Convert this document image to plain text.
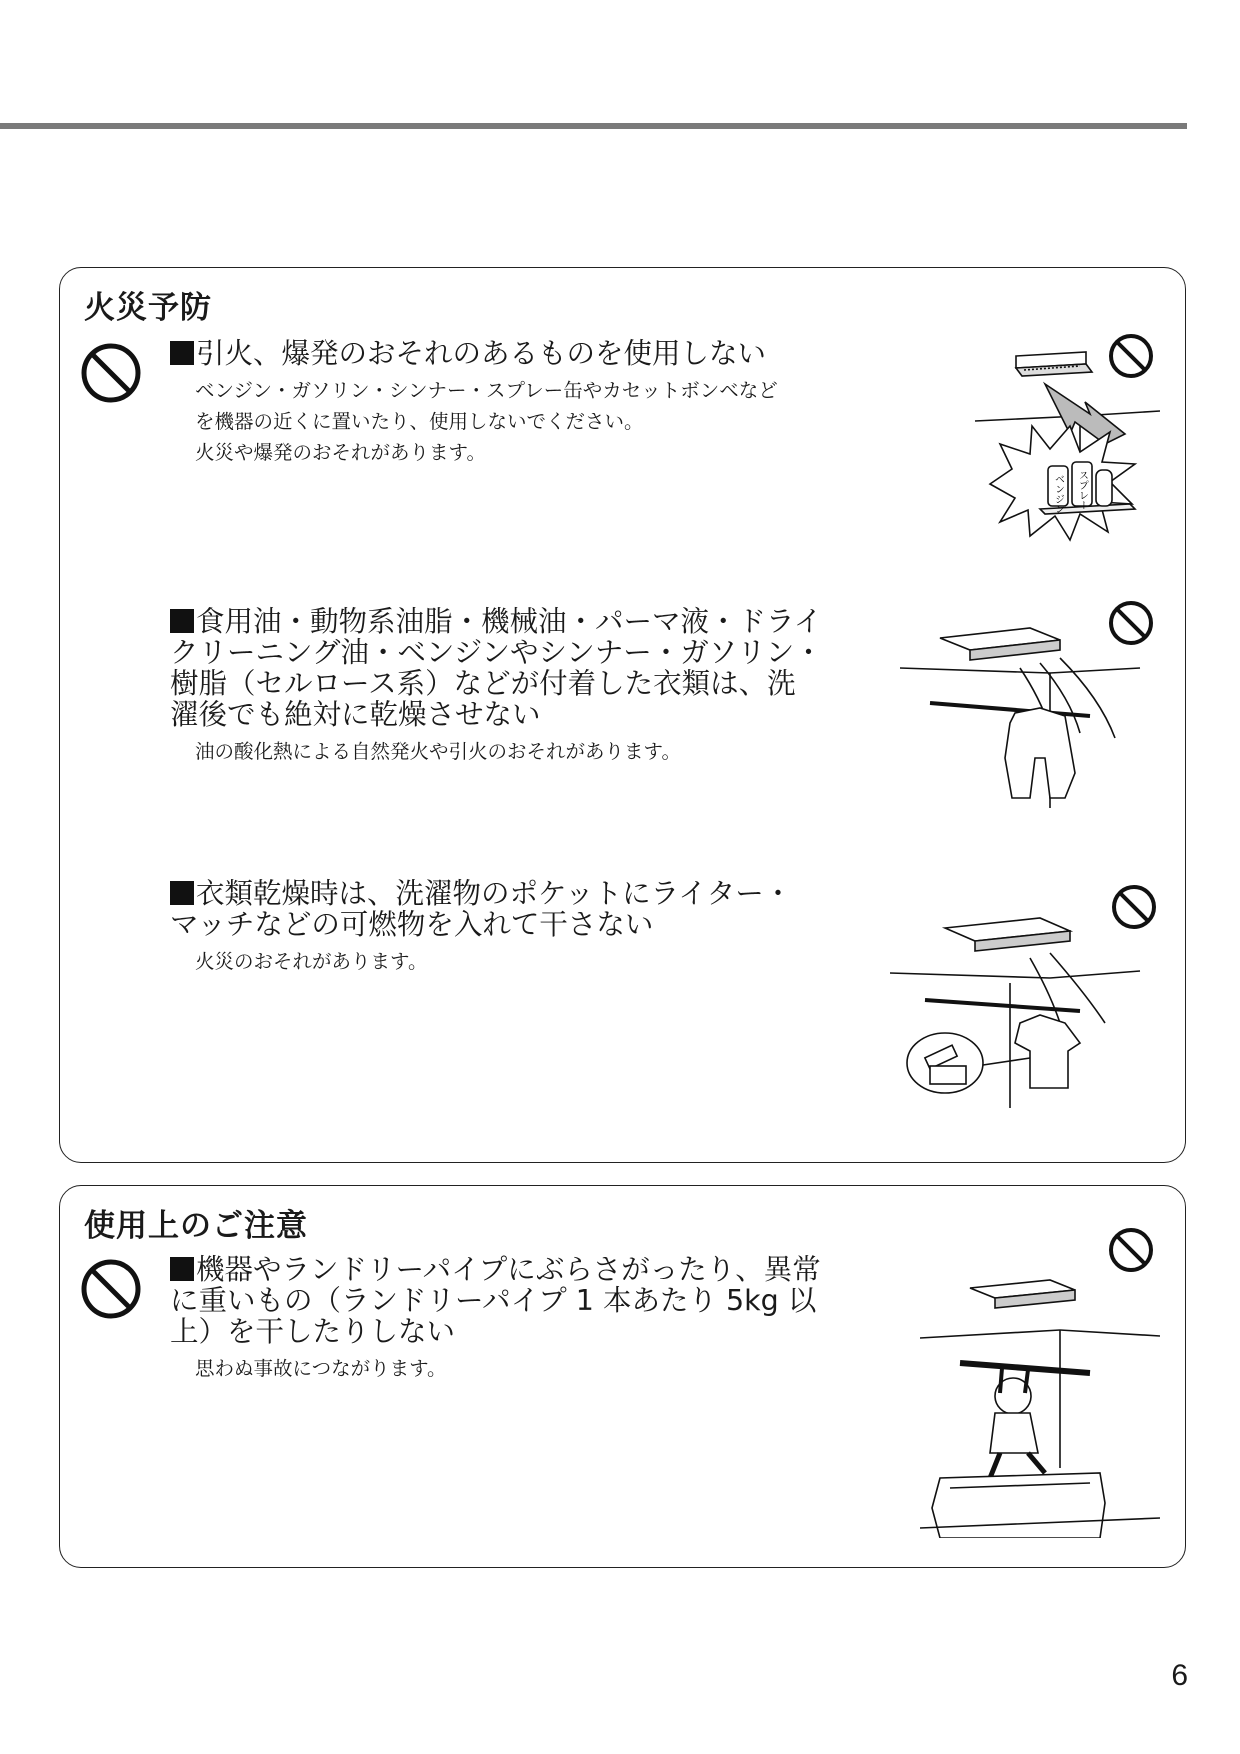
火災予防

引火、爆発のおそれのあるものを使用しない

ベンジン・ガソリン・シンナー・スプレー缶やカセットボンベなど
を機器の近くに置いたり、使用しないでください。
火災や爆発のおそれがあります。

ベンジン スプレー

食用油・動物系油脂・機械油・パーマ液・ドライ
クリーニング油・ベンジンやシンナー・ガソリン・
樹脂（セルロース系）などが付着した衣類は、洗
濯後でも絶対に乾燥させない

油の酸化熱による自然発火や引火のおそれがあります。

衣類乾燥時は、洗濯物のポケットにライター・
マッチなどの可燃物を入れて干さない

火災のおそれがあります。

使用上のご注意

機器やランドリーパイプにぶらさがったり、異常
に重いもの（ランドリーパイプ 1 本あたり 5kg 以
上）を干したりしない

思わぬ事故につながります。

6
